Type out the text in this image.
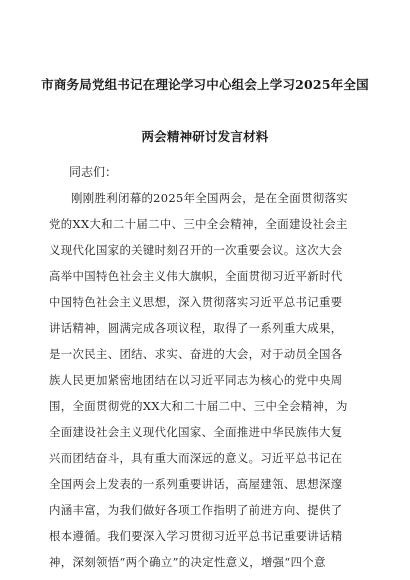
市商务局党组书记在理论学习中心组会上学习2025年全国
两会精神研讨发言材料
同志们：
刚刚胜利闭幕的2025年全国两会，是在全面贯彻落实
党的XX大和二十届二中、三中全会精神，全面建设社会主
义现代化国家的关键时刻召开的一次重要会议。这次大会
高举中国特色社会主义伟大旗帜，全面贯彻习近平新时代
中国特色社会主义思想，深入贯彻落实习近平总书记重要
讲话精神，圆满完成各项议程，取得了一系列重大成果，
是一次民主、团结、求实、奋进的大会，对于动员全国各
族人民更加紧密地团结在以习近平同志为核心的党中央周
围，全面贯彻党的XX大和二十届二中、三中全会精神，为
全面建设社会主义现代化国家、全面推进中华民族伟大复
兴而团结奋斗，具有重大而深远的意义。习近平总书记在
全国两会上发表的一系列重要讲话，高屋建瓴、思想深邃
内涵丰富，为我们做好各项工作指明了前进方向、提供了
根本遵循。我们要深入学习贯彻习近平总书记重要讲话精
神，深刻领悟“两个确立”的决定性意义，增强“四个意
